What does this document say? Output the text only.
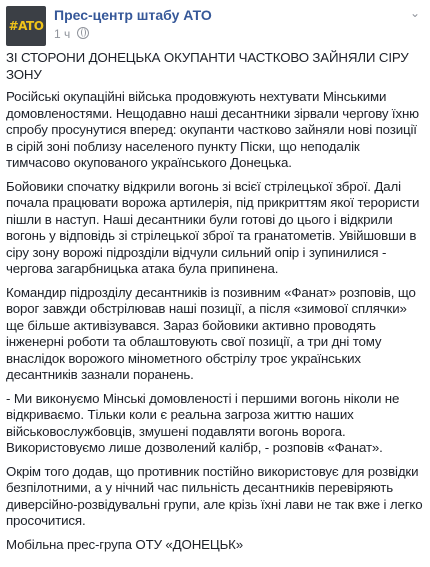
#ATO
Прес-центр штабу АТО
1 ч
⌄

ЗІ СТОРОНИ ДОНЕЦЬКА ОКУПАНТИ ЧАСТКОВО ЗАЙНЯЛИ СІРУ ЗОНУ

Російські окупаційні війська продовжують нехтувати Мінськими домовленостями. Нещодавно наші десантники зірвали чергову їхню спробу просунутися вперед: окупанти частково зайняли нові позиції в сірій зоні поблизу населеного пункту Піски, що неподалік тимчасово окупованого українського Донецька.

Бойовики спочатку відкрили вогонь зі всієї стрілецької зброї. Далі почала працювати ворожа артилерія, під прикриттям якої терористи пішли в наступ. Наші десантники були готові до цього і відкрили вогонь у відповідь зі стрілецької зброї та гранатометів. Увійшовши в сіру зону ворожі підрозділи відчули сильний опір і зупинилися - чергова загарбницька атака була припинена.

Командир підрозділу десантників із позивним «Фанат» розповів, що ворог завжди обстрілював наші позиції, а після «зимової сплячки» ще більше активізувався. Зараз бойовики активно проводять інженерні роботи та облаштовують свої позиції, а три дні тому внаслідок ворожого мінометного обстрілу троє українських десантників зазнали поранень.

- Ми виконуємо Мінські домовленості і першими вогонь ніколи не відкриваємо. Тільки коли є реальна загроза життю наших військовослужбовців, змушені подавляти вогонь ворога. Використовуємо лише дозволений калібр, - розповів «Фанат».

Окрім того додав, що противник постійно використовує для розвідки безпілотними, а у нічний час пильність десантників перевіряють диверсійно-розвідувальні групи, але крізь їхні лави не так вже і легко просочитися.

Мобільна прес-група ОТУ «ДОНЕЦЬК»
